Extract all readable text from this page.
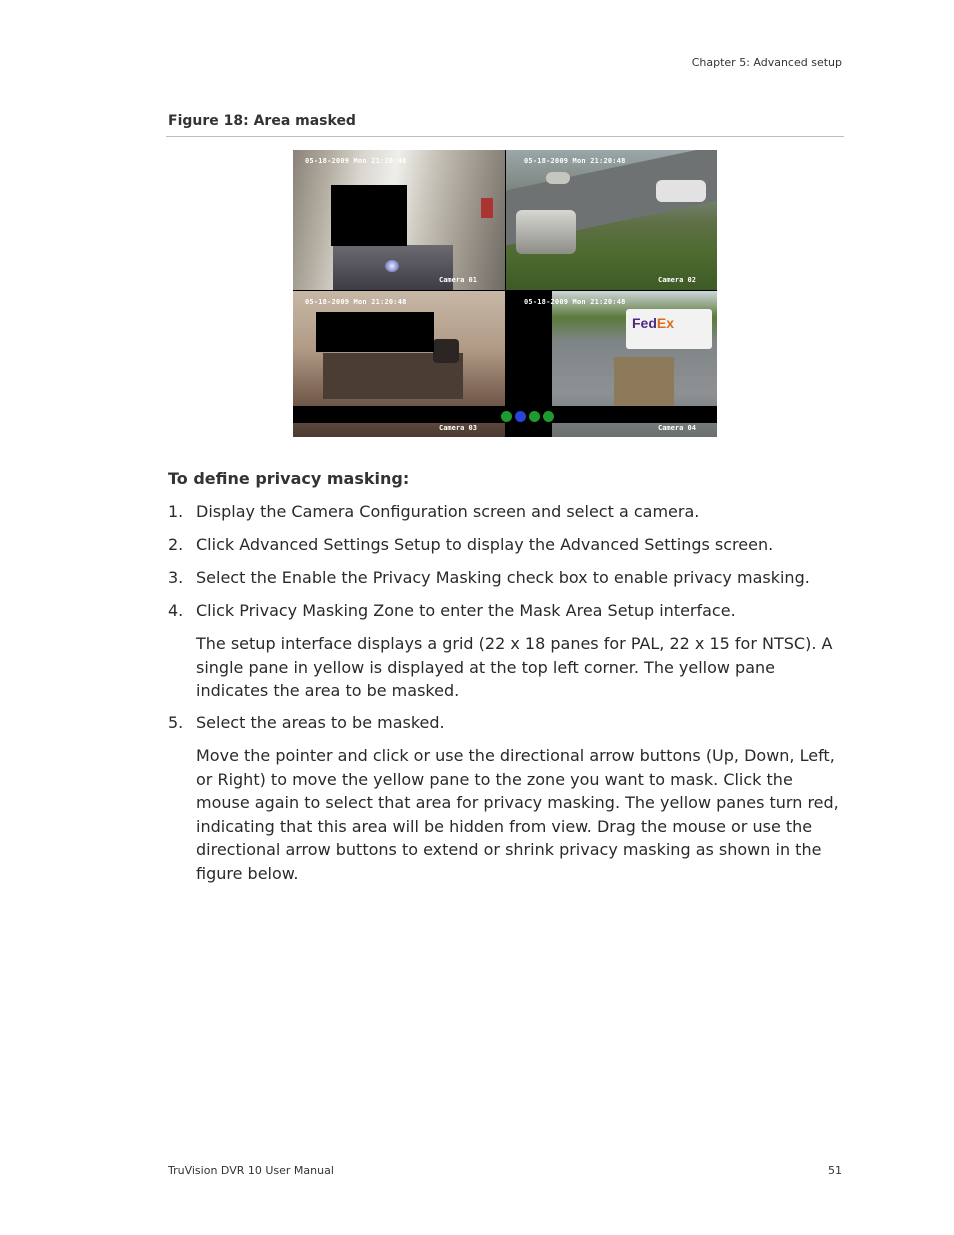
Chapter 5: Advanced setup
Figure 18: Area masked
05-18-2009 Mon 21:20:48
Camera 01
05-18-2009 Mon 21:20:48
Camera 02
05-18-2009 Mon 21:20:48
Camera 03
FedEx
05-18-2009 Mon 21:20:48
Camera 04
To define privacy masking:
1. Display the Camera Configuration screen and select a camera.
2. Click Advanced Settings Setup to display the Advanced Settings screen.
3. Select the Enable the Privacy Masking check box to enable privacy masking.
4. Click Privacy Masking Zone to enter the Mask Area Setup interface.
The setup interface displays a grid (22 x 18 panes for PAL, 22 x 15 for NTSC). A single pane in yellow is displayed at the top left corner. The yellow pane indicates the area to be masked.
5. Select the areas to be masked.
Move the pointer and click or use the directional arrow buttons (Up, Down, Left, or Right) to move the yellow pane to the zone you want to mask. Click the mouse again to select that area for privacy masking. The yellow panes turn red, indicating that this area will be hidden from view. Drag the mouse or use the directional arrow buttons to extend or shrink privacy masking as shown in the figure below.
TruVision DVR 10 User Manual	51
